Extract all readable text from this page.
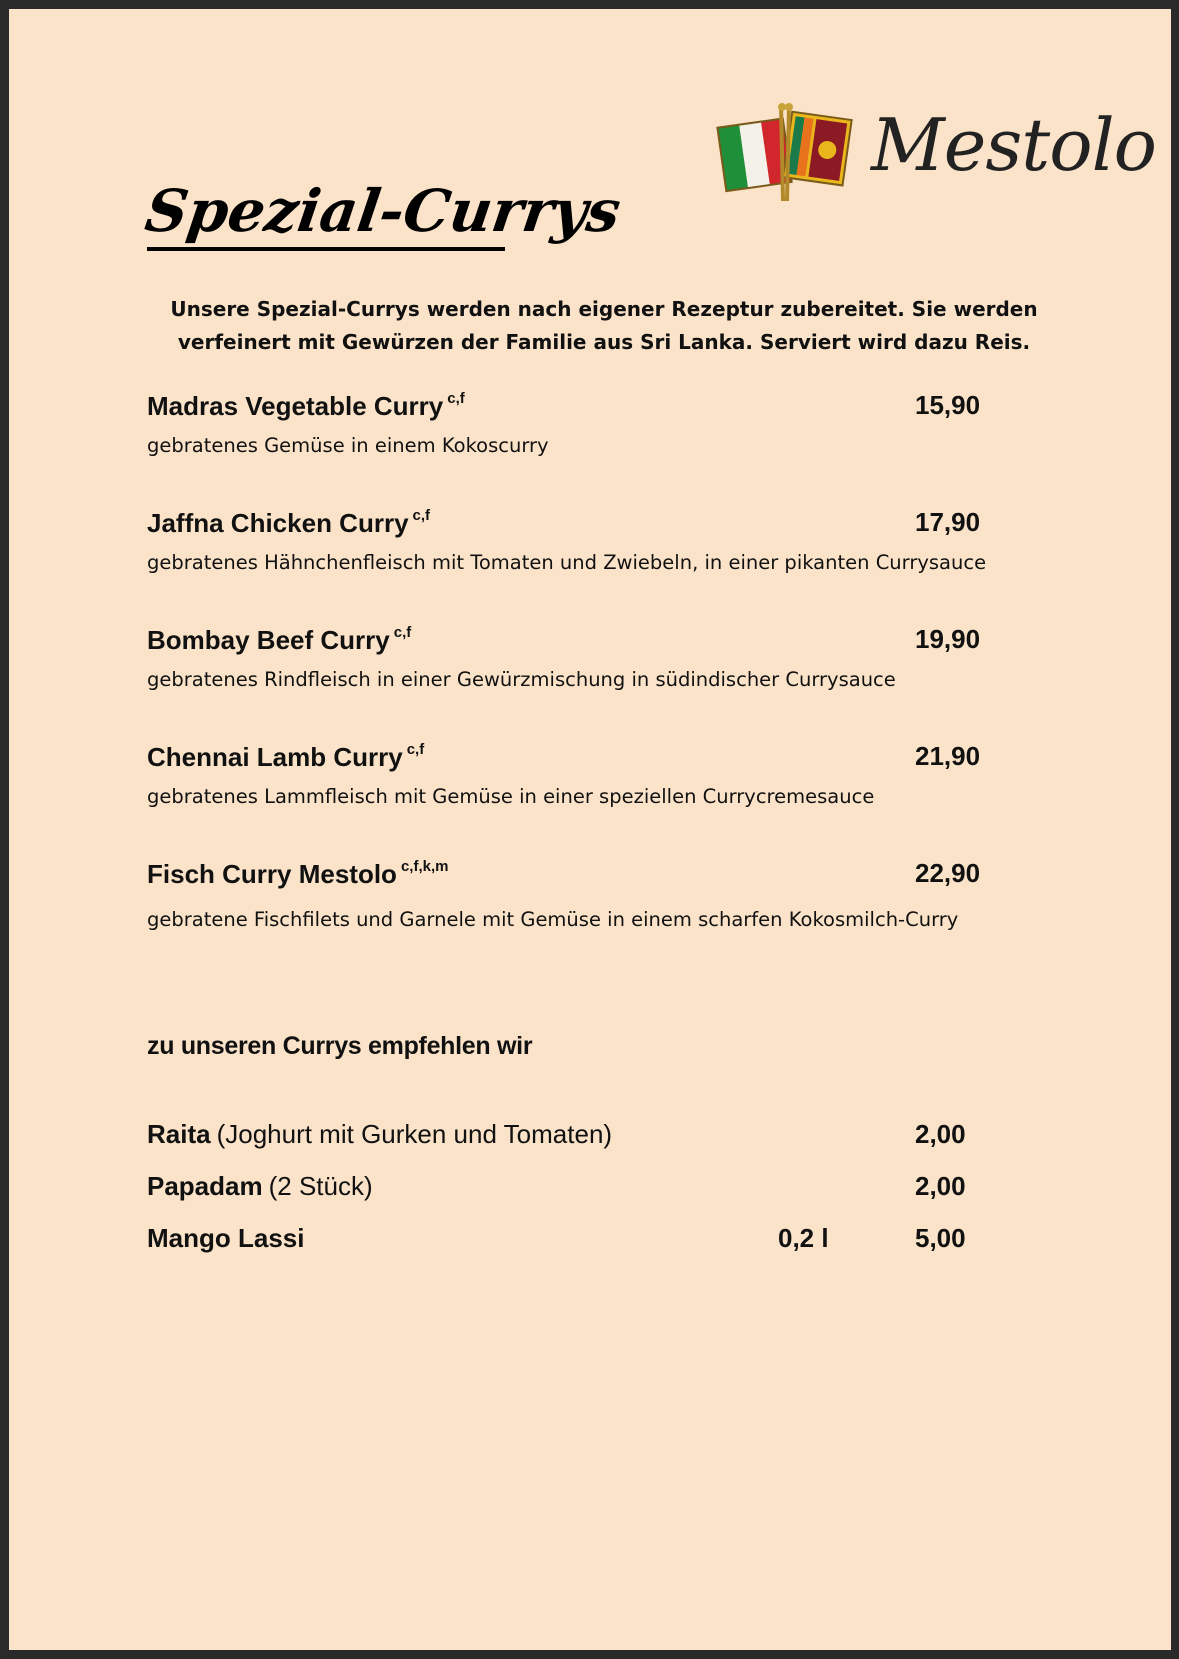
Mestolo
Spezial-Currys
Unsere Spezial-Currys werden nach eigener Rezeptur zubereitet. Sie werden
verfeinert mit Gewürzen der Familie aus Sri Lanka. Serviert wird dazu Reis.
Madras Vegetable Curry $^{c,f}$	15,90
gebratenes Gemüse in einem Kokoscurry
Jaffna Chicken Curry $^{c,f}$	17,90
gebratenes Hähnchenfleisch mit Tomaten und Zwiebeln, in einer pikanten Currysauce
Bombay Beef Curry $^{c,f}$	19,90
gebratenes Rindfleisch in einer Gewürzmischung in südindischer Currysauce
Chennai Lamb Curry $^{c,f}$	21,90
gebratenes Lammfleisch mit Gemüse in einer speziellen Currycremesauce
Fisch Curry Mestolo $^{c,f,k,m}$	22,90
gebratene Fischfilets und Garnele mit Gemüse in einem scharfen Kokosmilch-Curry
zu unseren Currys empfehlen wir
Raita (Joghurt mit Gurken und Tomaten)	2,00
Papadam (2 Stück)	2,00
Mango Lassi	0,2 l	5,00
